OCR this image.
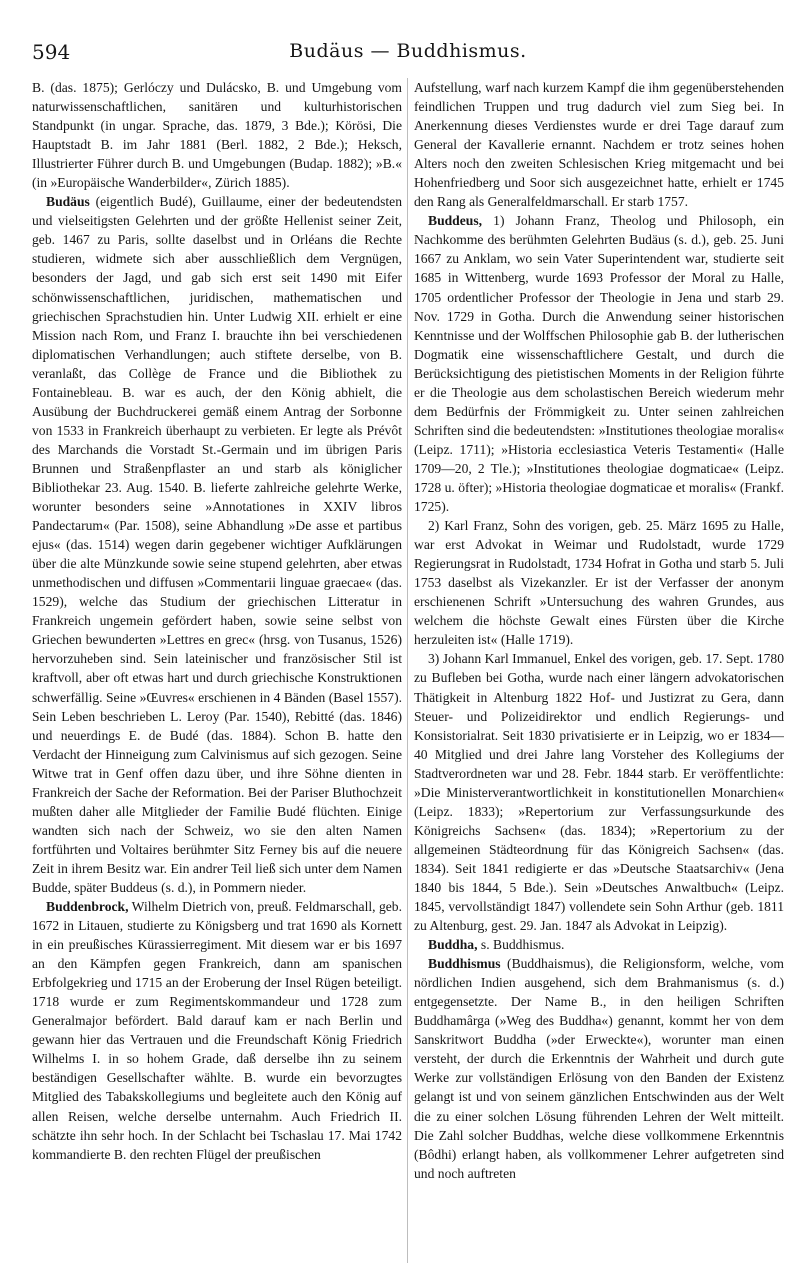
594	Budäus — Buddhismus.

B. (das. 1875); Gerlóczy und Dulácsko, B. und Umgebung vom naturwissenschaftlichen, sanitären und kulturhistorischen Standpunkt (in ungar. Sprache, das. 1879, 3 Bde.); Körösi, Die Hauptstadt B. im Jahr 1881 (Berl. 1882, 2 Bde.); Heksch, Illustrierter Führer durch B. und Umgebungen (Budap. 1882); »B.« (in »Europäische Wanderbilder«, Zürich 1885).

Budäus (eigentlich Budé), Guillaume, einer der bedeutendsten und vielseitigsten Gelehrten und der größte Hellenist seiner Zeit, geb. 1467 zu Paris, sollte daselbst und in Orléans die Rechte studieren, widmete sich aber ausschließlich dem Vergnügen, besonders der Jagd, und gab sich erst seit 1490 mit Eifer schönwissenschaftlichen, juridischen, mathematischen und griechischen Sprachstudien hin. Unter Ludwig XII. erhielt er eine Mission nach Rom, und Franz I. brauchte ihn bei verschiedenen diplomatischen Verhandlungen; auch stiftete derselbe, von B. veranlaßt, das Collège de France und die Bibliothek zu Fontainebleau. B. war es auch, der den König abhielt, die Ausübung der Buchdruckerei gemäß einem Antrag der Sorbonne von 1533 in Frankreich überhaupt zu verbieten. Er legte als Prévôt des Marchands die Vorstadt St.-Germain und im übrigen Paris Brunnen und Straßenpflaster an und starb als königlicher Bibliothekar 23. Aug. 1540. B. lieferte zahlreiche gelehrte Werke, worunter besonders seine »Annotationes in XXIV libros Pandectarum« (Par. 1508), seine Abhandlung »De asse et partibus ejus« (das. 1514) wegen darin gegebener wichtiger Aufklärungen über die alte Münzkunde sowie seine stupend gelehrten, aber etwas unmethodischen und diffusen »Commentarii linguae graecae« (das. 1529), welche das Studium der griechischen Litteratur in Frankreich ungemein gefördert haben, sowie seine selbst von Griechen bewunderten »Lettres en grec« (hrsg. von Tusanus, 1526) hervorzuheben sind. Sein lateinischer und französischer Stil ist kraftvoll, aber oft etwas hart und durch griechische Konstruktionen schwerfällig. Seine »Œuvres« erschienen in 4 Bänden (Basel 1557). Sein Leben beschrieben L. Leroy (Par. 1540), Rebitté (das. 1846) und neuerdings E. de Budé (das. 1884). Schon B. hatte den Verdacht der Hinneigung zum Calvinismus auf sich gezogen. Seine Witwe trat in Genf offen dazu über, und ihre Söhne dienten in Frankreich der Sache der Reformation. Bei der Pariser Bluthochzeit mußten daher alle Mitglieder der Familie Budé flüchten. Einige wandten sich nach der Schweiz, wo sie den alten Namen fortführten und Voltaires berühmter Sitz Ferney bis auf die neuere Zeit in ihrem Besitz war. Ein andrer Teil ließ sich unter dem Namen Budde, später Buddeus (s. d.), in Pommern nieder.

Buddenbrock, Wilhelm Dietrich von, preuß. Feldmarschall, geb. 1672 in Litauen, studierte zu Königsberg und trat 1690 als Kornett in ein preußisches Kürassierregiment. Mit diesem war er bis 1697 an den Kämpfen gegen Frankreich, dann am spanischen Erbfolgekrieg und 1715 an der Eroberung der Insel Rügen beteiligt. 1718 wurde er zum Regimentskommandeur und 1728 zum Generalmajor befördert. Bald darauf kam er nach Berlin und gewann hier das Vertrauen und die Freundschaft König Friedrich Wilhelms I. in so hohem Grade, daß derselbe ihn zu seinem beständigen Gesellschafter wählte. B. wurde ein bevorzugtes Mitglied des Tabakskollegiums und begleitete auch den König auf allen Reisen, welche derselbe unternahm. Auch Friedrich II. schätzte ihn sehr hoch. In der Schlacht bei Tschaslau 17. Mai 1742 kommandierte B. den rechten Flügel der preußischen

Aufstellung, warf nach kurzem Kampf die ihm gegenüberstehenden feindlichen Truppen und trug dadurch viel zum Sieg bei. In Anerkennung dieses Verdienstes wurde er drei Tage darauf zum General der Kavallerie ernannt. Nachdem er trotz seines hohen Alters noch den zweiten Schlesischen Krieg mitgemacht und bei Hohenfriedberg und Soor sich ausgezeichnet hatte, erhielt er 1745 den Rang als Generalfeldmarschall. Er starb 1757.

Buddeus, 1) Johann Franz, Theolog und Philosoph, ein Nachkomme des berühmten Gelehrten Budäus (s. d.), geb. 25. Juni 1667 zu Anklam, wo sein Vater Superintendent war, studierte seit 1685 in Wittenberg, wurde 1693 Professor der Moral zu Halle, 1705 ordentlicher Professor der Theologie in Jena und starb 29. Nov. 1729 in Gotha. Durch die Anwendung seiner historischen Kenntnisse und der Wolffschen Philosophie gab B. der lutherischen Dogmatik eine wissenschaftlichere Gestalt, und durch die Berücksichtigung des pietistischen Moments in der Religion führte er die Theologie aus dem scholastischen Bereich wiederum mehr dem Bedürfnis der Frömmigkeit zu. Unter seinen zahlreichen Schriften sind die bedeutendsten: »Institutiones theologiae moralis« (Leipz. 1711); »Historia ecclesiastica Veteris Testamenti« (Halle 1709—20, 2 Tle.); »Institutiones theologiae dogmaticae« (Leipz. 1728 u. öfter); »Historia theologiae dogmaticae et moralis« (Frankf. 1725).

2) Karl Franz, Sohn des vorigen, geb. 25. März 1695 zu Halle, war erst Advokat in Weimar und Rudolstadt, wurde 1729 Regierungsrat in Rudolstadt, 1734 Hofrat in Gotha und starb 5. Juli 1753 daselbst als Vizekanzler. Er ist der Verfasser der anonym erschienenen Schrift »Untersuchung des wahren Grundes, aus welchem die höchste Gewalt eines Fürsten über die Kirche herzuleiten ist« (Halle 1719).

3) Johann Karl Immanuel, Enkel des vorigen, geb. 17. Sept. 1780 zu Bufleben bei Gotha, wurde nach einer längern advokatorischen Thätigkeit in Altenburg 1822 Hof- und Justizrat zu Gera, dann Steuer- und Polizeidirektor und endlich Regierungs- und Konsistorialrat. Seit 1830 privatisierte er in Leipzig, wo er 1834—40 Mitglied und drei Jahre lang Vorsteher des Kollegiums der Stadtverordneten war und 28. Febr. 1844 starb. Er veröffentlichte: »Die Ministerverantwortlichkeit in konstitutionellen Monarchien« (Leipz. 1833); »Repertorium zur Verfassungsurkunde des Königreichs Sachsen« (das. 1834); »Repertorium zu der allgemeinen Städteordnung für das Königreich Sachsen« (das. 1834). Seit 1841 redigierte er das »Deutsche Staatsarchiv« (Jena 1840 bis 1844, 5 Bde.). Sein »Deutsches Anwaltbuch« (Leipz. 1845, vervollständigt 1847) vollendete sein Sohn Arthur (geb. 1811 zu Altenburg, gest. 29. Jan. 1847 als Advokat in Leipzig).

Buddha, s. Buddhismus.

Buddhismus (Buddhaismus), die Religionsform, welche, vom nördlichen Indien ausgehend, sich dem Brahmanismus (s. d.) entgegensetzte. Der Name B., in den heiligen Schriften Buddhamârga (»Weg des Buddha«) genannt, kommt her von dem Sanskritwort Buddha (»der Erweckte«), worunter man einen versteht, der durch die Erkenntnis der Wahrheit und durch gute Werke zur vollständigen Erlösung von den Banden der Existenz gelangt ist und von seinem gänzlichen Entschwinden aus der Welt die zu einer solchen Lösung führenden Lehren der Welt mitteilt. Die Zahl solcher Buddhas, welche diese vollkommene Erkenntnis (Bôdhi) erlangt haben, als vollkommener Lehrer aufgetreten sind und noch auftreten
